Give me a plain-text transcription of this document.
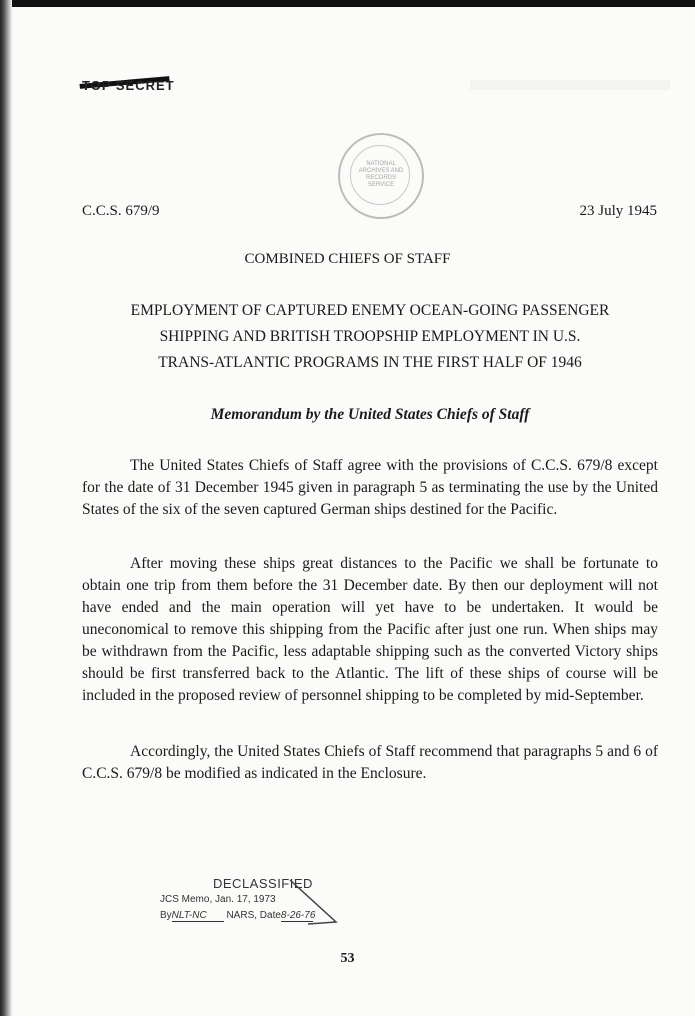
TOP SECRET
NATIONAL ARCHIVES AND RECORDS SERVICE
C.C.S. 679/9	23 July 1945
COMBINED CHIEFS OF STAFF
EMPLOYMENT OF CAPTURED ENEMY OCEAN-GOING PASSENGER
SHIPPING AND BRITISH TROOPSHIP EMPLOYMENT IN U.S.
TRANS-ATLANTIC PROGRAMS IN THE FIRST HALF OF 1946
Memorandum by the United States Chiefs of Staff

The United States Chiefs of Staff agree with the provisions of C.C.S. 679/8 except for the date of 31 December 1945 given in paragraph 5 as terminating the use by the United States of the six of the seven captured German ships destined for the Pacific.

After moving these ships great distances to the Pacific we shall be fortunate to obtain one trip from them before the 31 December date. By then our deployment will not have ended and the main operation will yet have to be undertaken. It would be uneconomical to remove this shipping from the Pacific after just one run. When ships may be withdrawn from the Pacific, less adaptable shipping such as the converted Victory ships should be first transferred back to the Atlantic. The lift of these ships of course will be included in the proposed review of personnel shipping to be completed by mid-September.

Accordingly, the United States Chiefs of Staff recommend that paragraphs 5 and 6 of C.C.S. 679/8 be modified as indicated in the Enclosure.

DECLASSIFIED
JCS Memo, Jan. 17, 1973
ByNLT-NC NARS, Date8-26-76
53
